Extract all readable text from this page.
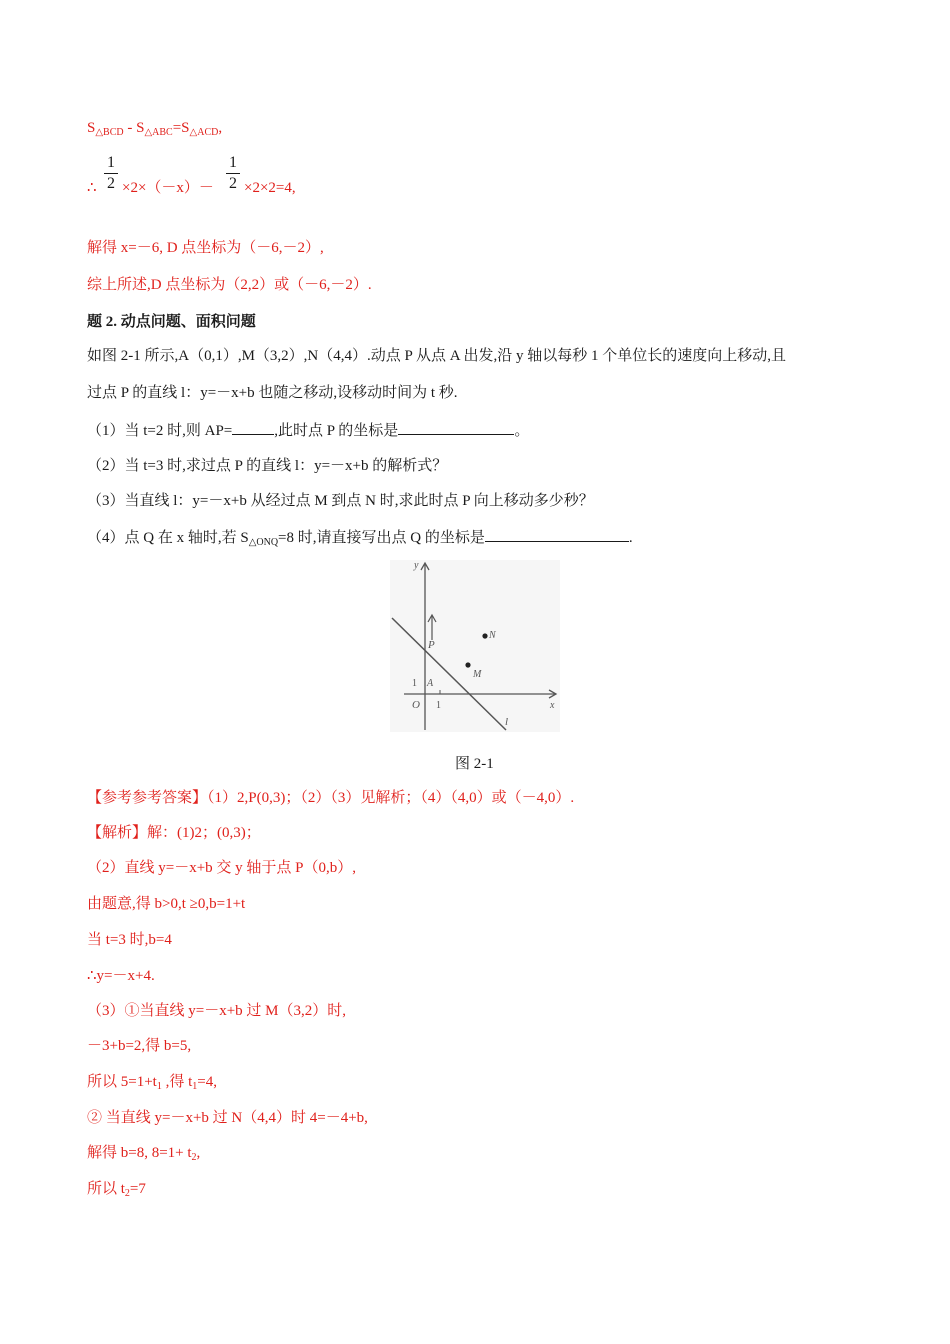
$S_{\triangle BCD} - S_{\triangle ABC}=S_{\triangle ACD}$,
∴
1
2 ×2×（－x）－
1
2 ×2×2=4,
解得 x=－6, D 点坐标为（－6,－2）,
综上所述,D 点坐标为（2,2）或（－6,－2）.
题 2. 动点问题、面积问题
如图 2-1 所示,A（0,1）,M（3,2）,N（4,4）.动点 P 从点 A 出发,沿 y 轴以每秒 1 个单位长的速度向上移动,且
过点 P 的直线 l：y=－x+b 也随之移动,设移动时间为 t 秒.
（1）当 t=2 时,则 AP=	,此时点 P 的坐标是	。
（2）当 t=3 时,求过点 P 的直线 l：y=－x+b 的解析式？
（3）当直线 l：y=－x+b 从经过点 M 到点 N 时,求此时点 P 向上移动多少秒？
（4）点 Q 在 x 轴时,若 $S_{\triangle ONQ}=8$ 时,请直接写出点 Q 的坐标是	.
y
x
O 1
1 A
P
M
N
l
图 2-1
【参考参考答案】（1）2,P(0,3)；（2）（3）见解析；（4）（4,0）或（－4,0）.
【解析】解：(1)2；(0,3)；
（2）直线 y=－x+b 交 y 轴于点 P（0,b）,
由题意,得 b>0,t ≥0,b=1+t
当 t=3 时,b=4
∴y=－x+4.
（3）①当直线 y=－x+b 过 M（3,2）时,
－3+b=2,得 b=5,
所以 $5=1+t_1$ ,得 $t_1=4$,
② 当直线 y=－x+b 过 N（4,4）时 4=－4+b,
解得 b=8, $8=1+ t_2$,
所以 $t_2=7$
